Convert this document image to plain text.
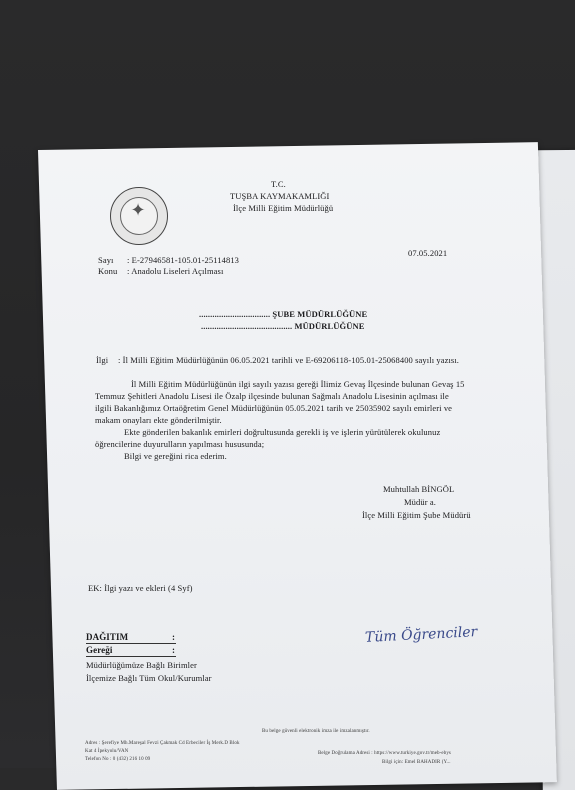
✦
T.C.
TUŞBA KAYMAKAMLIĞI
İlçe Milli Eğitim Müdürlüğü
07.05.2021
Sayı : E-27946581-105.01-25114813
Konu : Anadolu Liseleri Açılması
................................ ŞUBE MÜDÜRLÜĞÜNE
......................................... MÜDÜRLÜĞÜNE
İlgi : İl Milli Eğitim Müdürlüğünün 06.05.2021 tarihli ve E-69206118-105.01-25068400 sayılı yazısı.
İl Milli Eğitim Müdürlüğünün ilgi sayılı yazısı gereği İlimiz Gevaş İlçesinde bulunan Gevaş 15
Temmuz Şehitleri Anadolu Lisesi ile Özalp ilçesinde bulunan Sağmalı Anadolu Lisesinin açılması ile
ilgili Bakanlığımız Ortaöğretim Genel Müdürlüğünün 05.05.2021 tarih ve 25035902 sayılı emirleri ve
makam onayları ekte gönderilmiştir.
Ekte gönderilen bakanlık emirleri doğrultusunda gerekli iş ve işlerin yürütülerek okulunuz
öğrencilerine duyurulların yapılması hususunda;
Bilgi ve gereğini rica ederim.
Muhtullah BİNGÖL
Müdür a.
İlçe Milli Eğitim Şube Müdürü
EK: İlgi yazı ve ekleri (4 Syf)
DAĞITIM	:
Gereği	:
Müdürlüğümüze Bağlı Birimler
İlçemize Bağlı Tüm Okul/Kurumlar
Tüm Öğrenciler
Bu belge güvenli elektronik imza ile imzalanmıştır.
Adres : Şerefiye Mh.Mareşal Fevzi Çakmak Cd Erbeciler İş Merk.D Blok
Kat 4 İpekyolu/VAN
Telefon No : 0 (432) 216 10 09
Belge Doğrulama Adresi : https://www.turkiye.gov.tr/meb-ebys
Bilgi için: Emel BAHADIR (Y...
